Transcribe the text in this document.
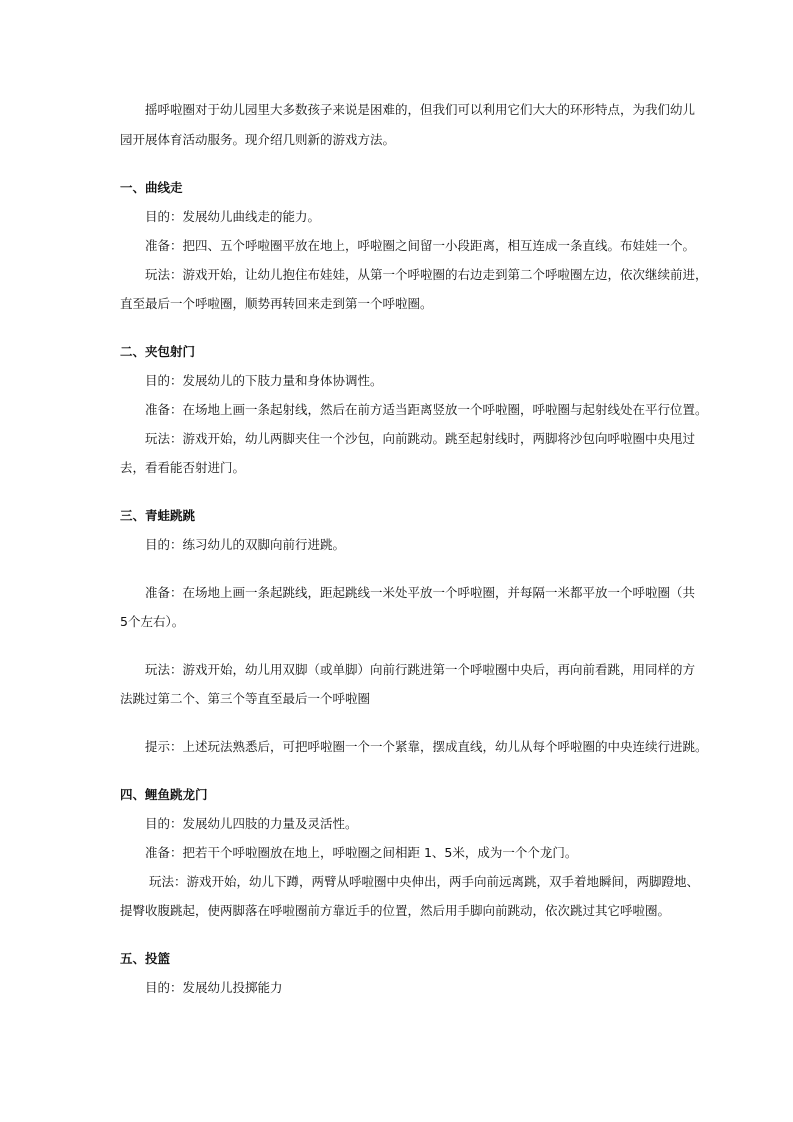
摇呼啦圈对于幼儿园里大多数孩子来说是困难的，但我们可以利用它们大大的环形特点，为我们幼儿
园开展体育活动服务。现介绍几则新的游戏方法。
一、曲线走
目的：发展幼儿曲线走的能力。
准备：把四、五个呼啦圈平放在地上，呼啦圈之间留一小段距离，相互连成一条直线。布娃娃一个。
玩法：游戏开始，让幼儿抱住布娃娃，从第一个呼啦圈的右边走到第二个呼啦圈左边，依次继续前进，
直至最后一个呼啦圈，顺势再转回来走到第一个呼啦圈。
二、夹包射门
目的：发展幼儿的下肢力量和身体协调性。
准备：在场地上画一条起射线，然后在前方适当距离竖放一个呼啦圈，呼啦圈与起射线处在平行位置。
玩法：游戏开始，幼儿两脚夹住一个沙包，向前跳动。跳至起射线时，两脚将沙包向呼啦圈中央甩过
去，看看能否射进门。
三、青蛙跳跳
目的：练习幼儿的双脚向前行进跳。
准备：在场地上画一条起跳线，距起跳线一米处平放一个呼啦圈，并每隔一米都平放一个呼啦圈（共
5个左右）。
玩法：游戏开始，幼儿用双脚（或单脚）向前行跳进第一个呼啦圈中央后，再向前看跳，用同样的方
法跳过第二个、第三个等直至最后一个呼啦圈
提示：上述玩法熟悉后，可把呼啦圈一个一个紧靠，摆成直线，幼儿从每个呼啦圈的中央连续行进跳。
四、鲤鱼跳龙门
目的：发展幼儿四肢的力量及灵活性。
准备：把若干个呼啦圈放在地上，呼啦圈之间相距 1、5米，成为一个个龙门。
玩法：游戏开始，幼儿下蹲，两臂从呼啦圈中央伸出，两手向前远离跳，双手着地瞬间，两脚蹬地、
提臀收腹跳起，使两脚落在呼啦圈前方靠近手的位置，然后用手脚向前跳动，依次跳过其它呼啦圈。
五、投篮
目的：发展幼儿投掷能力
